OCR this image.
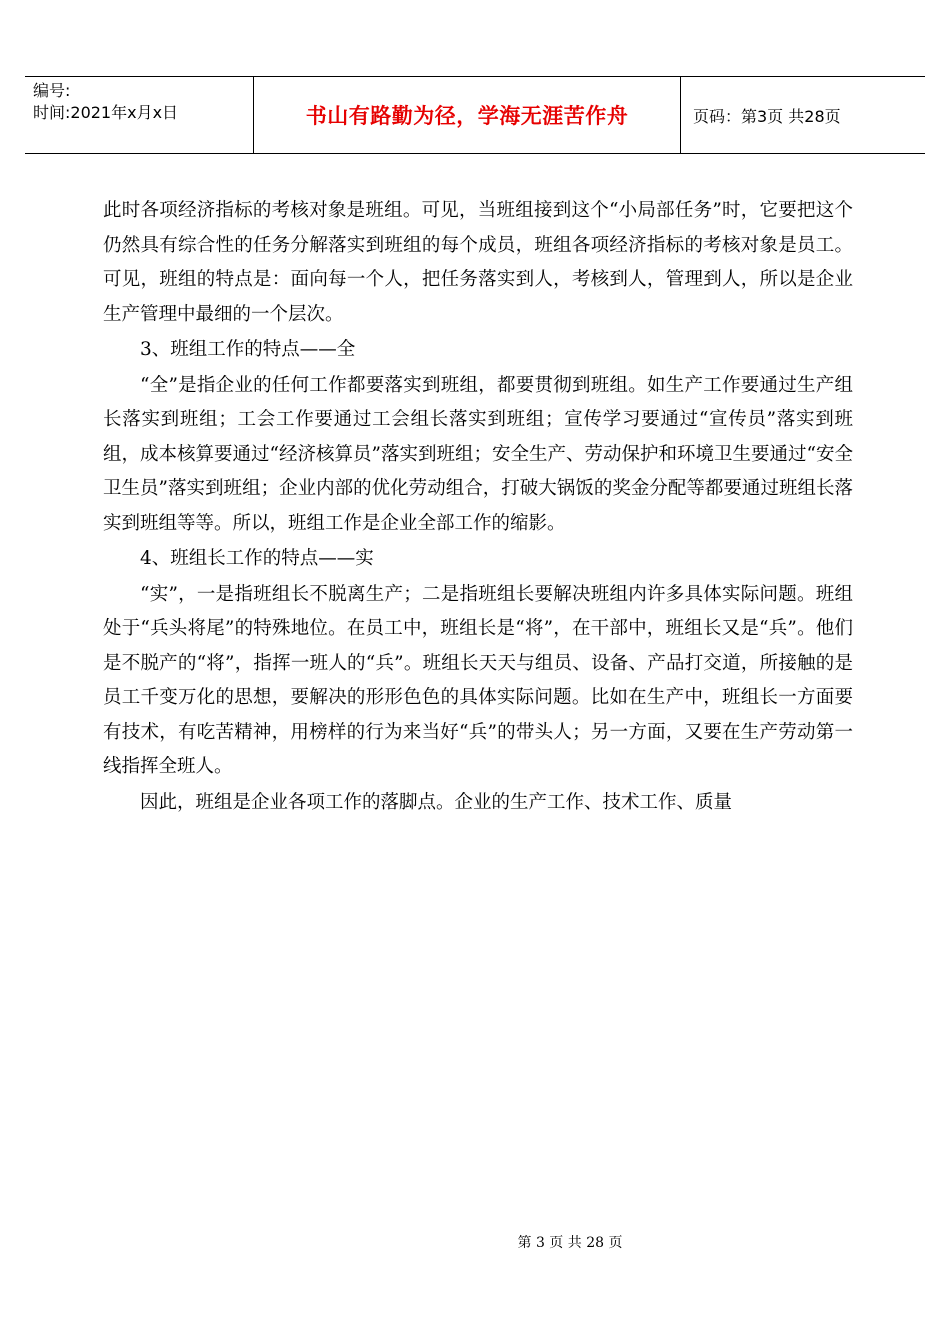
编号:
时间:2021年x月x日	书山有路勤为径，学海无涯苦作舟	页码：第3页 共28页

此时各项经济指标的考核对象是班组。可见，当班组接到这个“小局部任务”时，它要把这个仍然具有综合性的任务分解落实到班组的每个成员，班组各项经济指标的考核对象是员工。可见，班组的特点是：面向每一个人，把任务落实到人，考核到人，管理到人，所以是企业生产管理中最细的一个层次。

3、班组工作的特点——全

“全”是指企业的任何工作都要落实到班组，都要贯彻到班组。如生产工作要通过生产组长落实到班组；工会工作要通过工会组长落实到班组；宣传学习要通过“宣传员”落实到班组，成本核算要通过“经济核算员”落实到班组；安全生产、劳动保护和环境卫生要通过“安全卫生员”落实到班组；企业内部的优化劳动组合，打破大锅饭的奖金分配等都要通过班组长落实到班组等等。所以，班组工作是企业全部工作的缩影。

4、班组长工作的特点——实

“实”，一是指班组长不脱离生产；二是指班组长要解决班组内许多具体实际问题。班组处于“兵头将尾”的特殊地位。在员工中，班组长是“将”，在干部中，班组长又是“兵”。他们是不脱产的“将”，指挥一班人的“兵”。班组长天天与组员、设备、产品打交道，所接触的是员工千变万化的思想，要解决的形形色色的具体实际问题。比如在生产中，班组长一方面要有技术，有吃苦精神，用榜样的行为来当好“兵”的带头人；另一方面，又要在生产劳动第一线指挥全班人。

因此，班组是企业各项工作的落脚点。企业的生产工作、技术工作、质量

第 3 页 共 28 页
